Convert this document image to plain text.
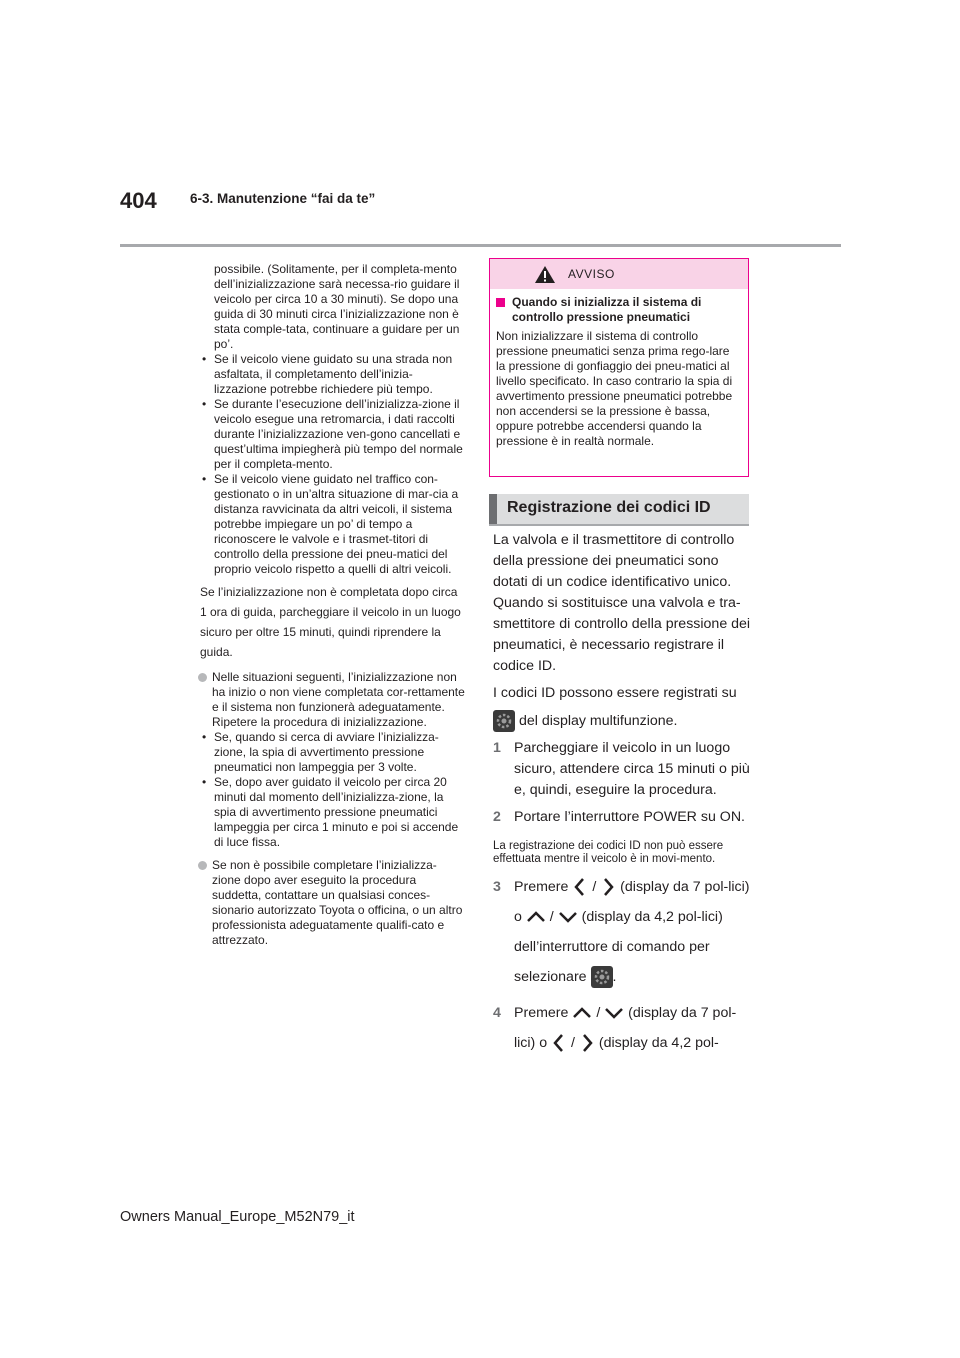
404 6-3. Manutenzione “fai da te”

possibile. (Solitamente, per il completa-mento dell’inizializzazione sarà necessa-rio guidare il veicolo per circa 10 a 30 minuti). Se dopo una guida di 30 minuti circa l’inizializzazione non è stata comple-tata, continuare a guidare per un po’.

• Se il veicolo viene guidato su una strada non asfaltata, il completamento dell’inizia-lizzazione potrebbe richiedere più tempo.

• Se durante l’esecuzione dell’inizializza-zione il veicolo esegue una retromarcia, i dati raccolti durante l’inizializzazione ven-gono cancellati e quest’ultima impiegherà più tempo del normale per il completa-mento.

• Se il veicolo viene guidato nel traffico con-gestionato o in un’altra situazione di mar-cia a distanza ravvicinata da altri veicoli, il sistema potrebbe impiegare un po’ di tempo a riconoscere le valvole e i trasmet-titori di controllo della pressione dei pneu-matici del proprio veicolo rispetto a quelli di altri veicoli.

Se l’inizializzazione non è completata dopo circa 1 ora di guida, parcheggiare il veicolo in un luogo sicuro per oltre 15 minuti, quindi riprendere la guida.

Nelle situazioni seguenti, l’inizializzazione non ha inizio o non viene completata cor-rettamente e il sistema non funzionerà adeguatamente. Ripetere la procedura di inizializzazione.

• Se, quando si cerca di avviare l’inizializza-zione, la spia di avvertimento pressione pneumatici non lampeggia per 3 volte.

• Se, dopo aver guidato il veicolo per circa 20 minuti dal momento dell’inizializza-zione, la spia di avvertimento pressione pneumatici lampeggia per circa 1 minuto e poi si accende di luce fissa.

Se non è possibile completare l’inizializza-zione dopo aver eseguito la procedura suddetta, contattare un qualsiasi conces-sionario autorizzato Toyota o officina, o un altro professionista adeguatamente qualifi-cato e attrezzato.

AVVISO

Quando si inizializza il sistema di controllo pressione pneumatici

Non inizializzare il sistema di controllo pressione pneumatici senza prima rego-lare la pressione di gonfiaggio dei pneu-matici al livello specificato. In caso contrario la spia di avvertimento pressione pneumatici potrebbe non accendersi se la pressione è bassa, oppure potrebbe accendersi quando la pressione è in realtà normale.

Registrazione dei codici ID

La valvola e il trasmettitore di controllo della pressione dei pneumatici sono dotati di un codice identificativo unico. Quando si sostituisce una valvola e tra-smettitore di controllo della pressione dei pneumatici, è necessario registrare il codice ID.

I codici ID possono essere registrati su

del display multifunzione.

1 Parcheggiare il veicolo in un luogo sicuro, attendere circa 15 minuti o più e, quindi, eseguire la procedura.

2 Portare l’interruttore POWER su ON.

La registrazione dei codici ID non può essere effettuata mentre il veicolo è in movi-mento.

3 Premere / (display da 7 pol-lici) o / (display da 4,2 pol-lici) dell’interruttore di comando per selezionare .

4 Premere / (display da 7 pol-lici) o / (display da 4,2 pol-

Owners Manual_Europe_M52N79_it
